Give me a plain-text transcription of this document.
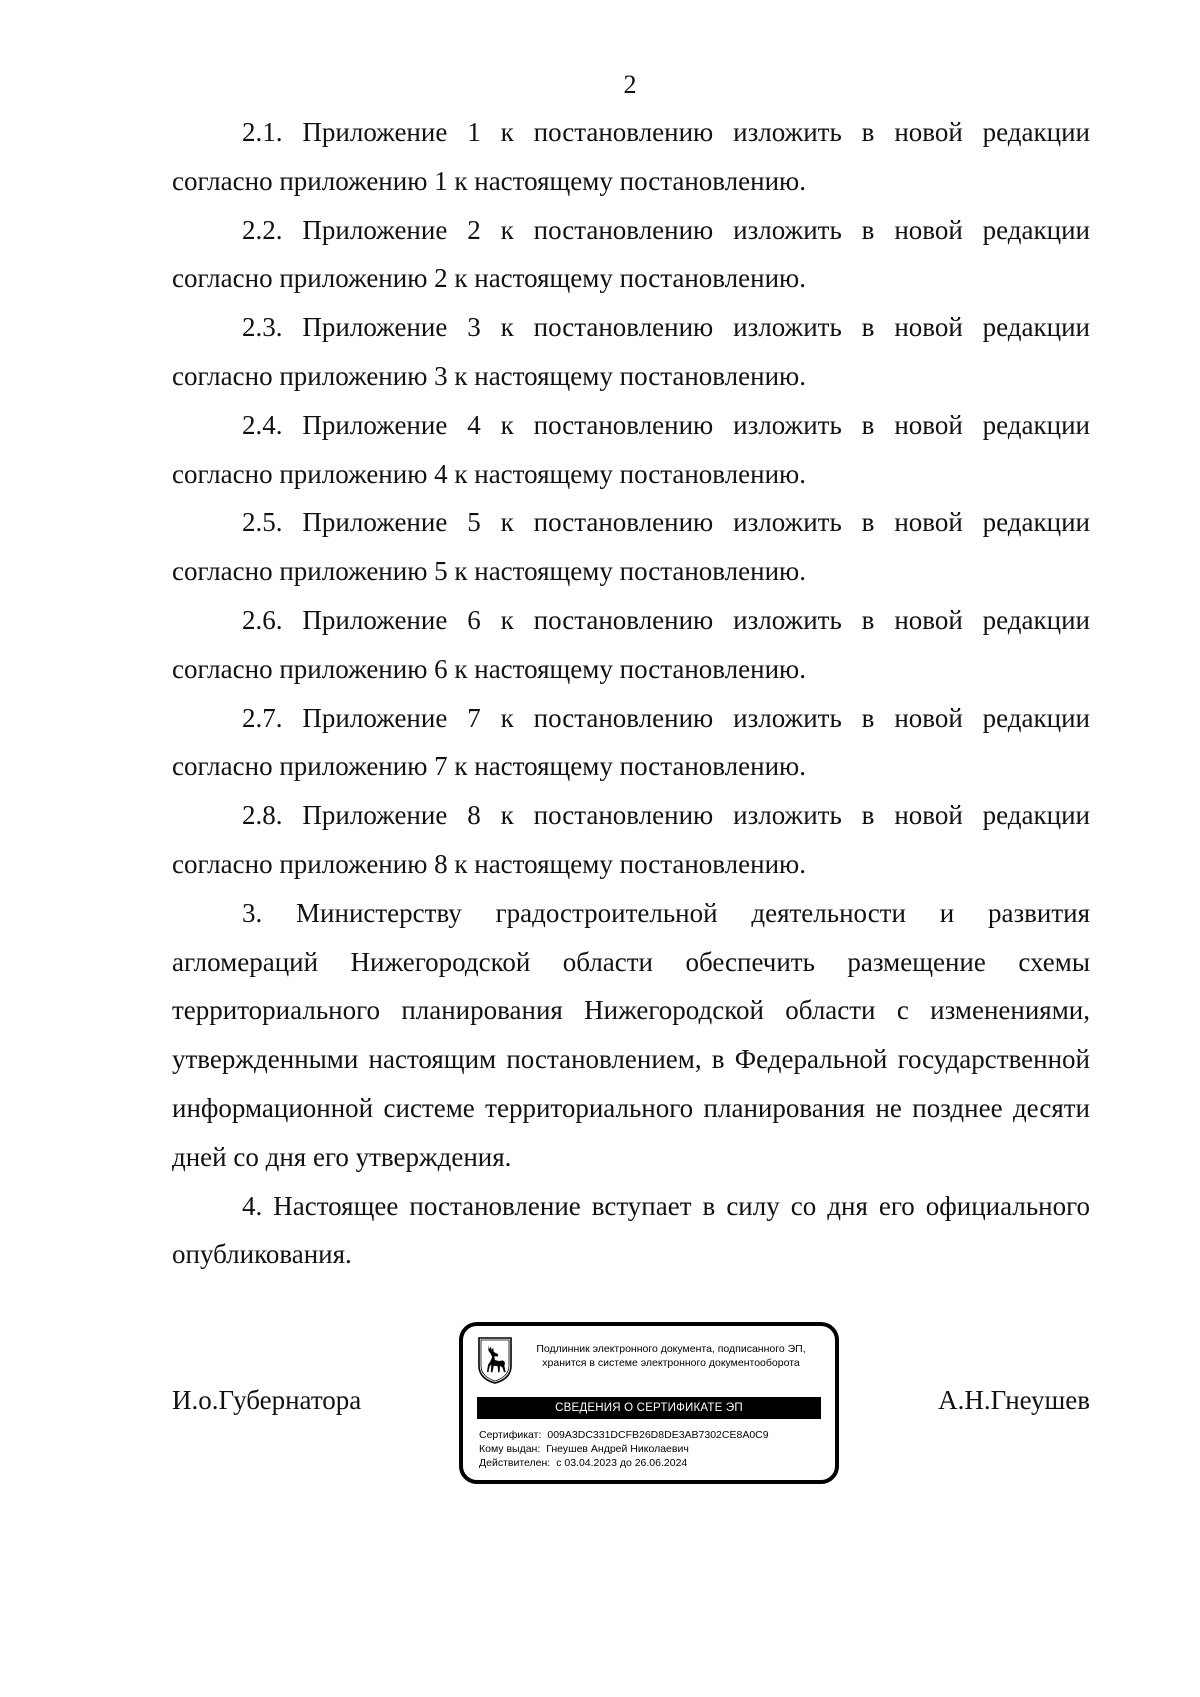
2

2.1. Приложение 1 к постановлению изложить в новой редакции согласно приложению 1 к настоящему постановлению.

2.2. Приложение 2 к постановлению изложить в новой редакции согласно приложению 2 к настоящему постановлению.

2.3. Приложение 3 к постановлению изложить в новой редакции согласно приложению 3 к настоящему постановлению.

2.4. Приложение 4 к постановлению изложить в новой редакции согласно приложению 4 к настоящему постановлению.

2.5. Приложение 5 к постановлению изложить в новой редакции согласно приложению 5 к настоящему постановлению.

2.6. Приложение 6 к постановлению изложить в новой редакции согласно приложению 6 к настоящему постановлению.

2.7. Приложение 7 к постановлению изложить в новой редакции согласно приложению 7 к настоящему постановлению.

2.8. Приложение 8 к постановлению изложить в новой редакции согласно приложению 8 к настоящему постановлению.

3. Министерству градостроительной деятельности и развития агломераций Нижегородской области обеспечить размещение схемы территориального планирования Нижегородской области с изменениями, утвержденными настоящим постановлением, в Федеральной государственной информационной системе территориального планирования не позднее десяти дней со дня его утверждения.

4. Настоящее постановление вступает в силу со дня его официального опубликования.

И.о.Губернатора	А.Н.Гнеушев
Подлинник электронного документа, подписанного ЭП,
хранится в системе электронного документооборота
СВЕДЕНИЯ О СЕРТИФИКАТЕ ЭП
Сертификат: 009A3DC331DCFB26D8DE3AB7302CE8A0C9
Кому выдан: Гнеушев Андрей Николаевич
Действителен: с 03.04.2023 до 26.06.2024
